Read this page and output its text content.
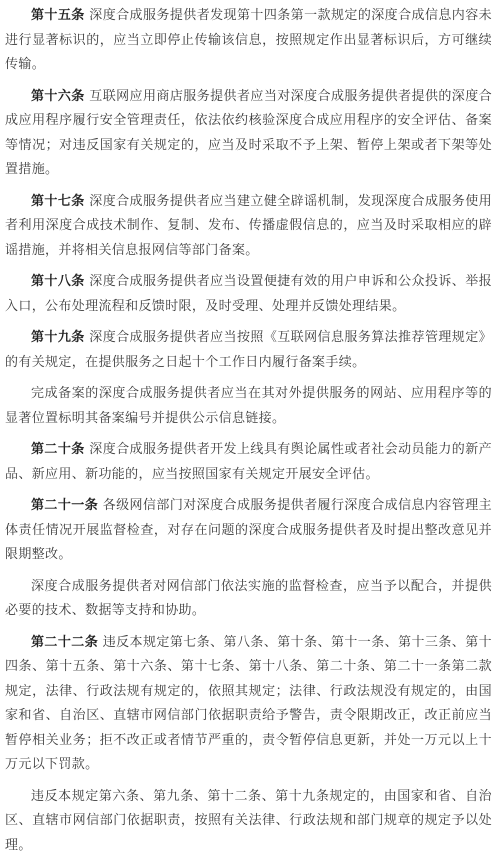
第十五条 深度合成服务提供者发现第十四条第一款规定的深度合成信息内容未进行显著标识的，应当立即停止传输该信息，按照规定作出显著标识后，方可继续传输。

第十六条 互联网应用商店服务提供者应当对深度合成服务提供者提供的深度合成应用程序履行安全管理责任，依法依约核验深度合成应用程序的安全评估、备案等情况；对违反国家有关规定的，应当及时采取不予上架、暂停上架或者下架等处置措施。

第十七条 深度合成服务提供者应当建立健全辟谣机制，发现深度合成服务使用者利用深度合成技术制作、复制、发布、传播虚假信息的，应当及时采取相应的辟谣措施，并将相关信息报网信等部门备案。

第十八条 深度合成服务提供者应当设置便捷有效的用户申诉和公众投诉、举报入口，公布处理流程和反馈时限，及时受理、处理并反馈处理结果。

第十九条 深度合成服务提供者应当按照《互联网信息服务算法推荐管理规定》的有关规定，在提供服务之日起十个工作日内履行备案手续。

完成备案的深度合成服务提供者应当在其对外提供服务的网站、应用程序等的显著位置标明其备案编号并提供公示信息链接。

第二十条 深度合成服务提供者开发上线具有舆论属性或者社会动员能力的新产品、新应用、新功能的，应当按照国家有关规定开展安全评估。

第二十一条 各级网信部门对深度合成服务提供者履行深度合成信息内容管理主体责任情况开展监督检查，对存在问题的深度合成服务提供者及时提出整改意见并限期整改。

深度合成服务提供者对网信部门依法实施的监督检查，应当予以配合，并提供必要的技术、数据等支持和协助。

第二十二条 违反本规定第七条、第八条、第十条、第十一条、第十三条、第十四条、第十五条、第十六条、第十七条、第十八条、第二十条、第二十一条第二款规定，法律、行政法规有规定的，依照其规定；法律、行政法规没有规定的，由国家和省、自治区、直辖市网信部门依据职责给予警告，责令限期改正，改正前应当暂停相关业务；拒不改正或者情节严重的，责令暂停信息更新，并处一万元以上十万元以下罚款。

违反本规定第六条、第九条、第十二条、第十九条规定的，由国家和省、自治区、直辖市网信部门依据职责，按照有关法律、行政法规和部门规章的规定予以处理。
